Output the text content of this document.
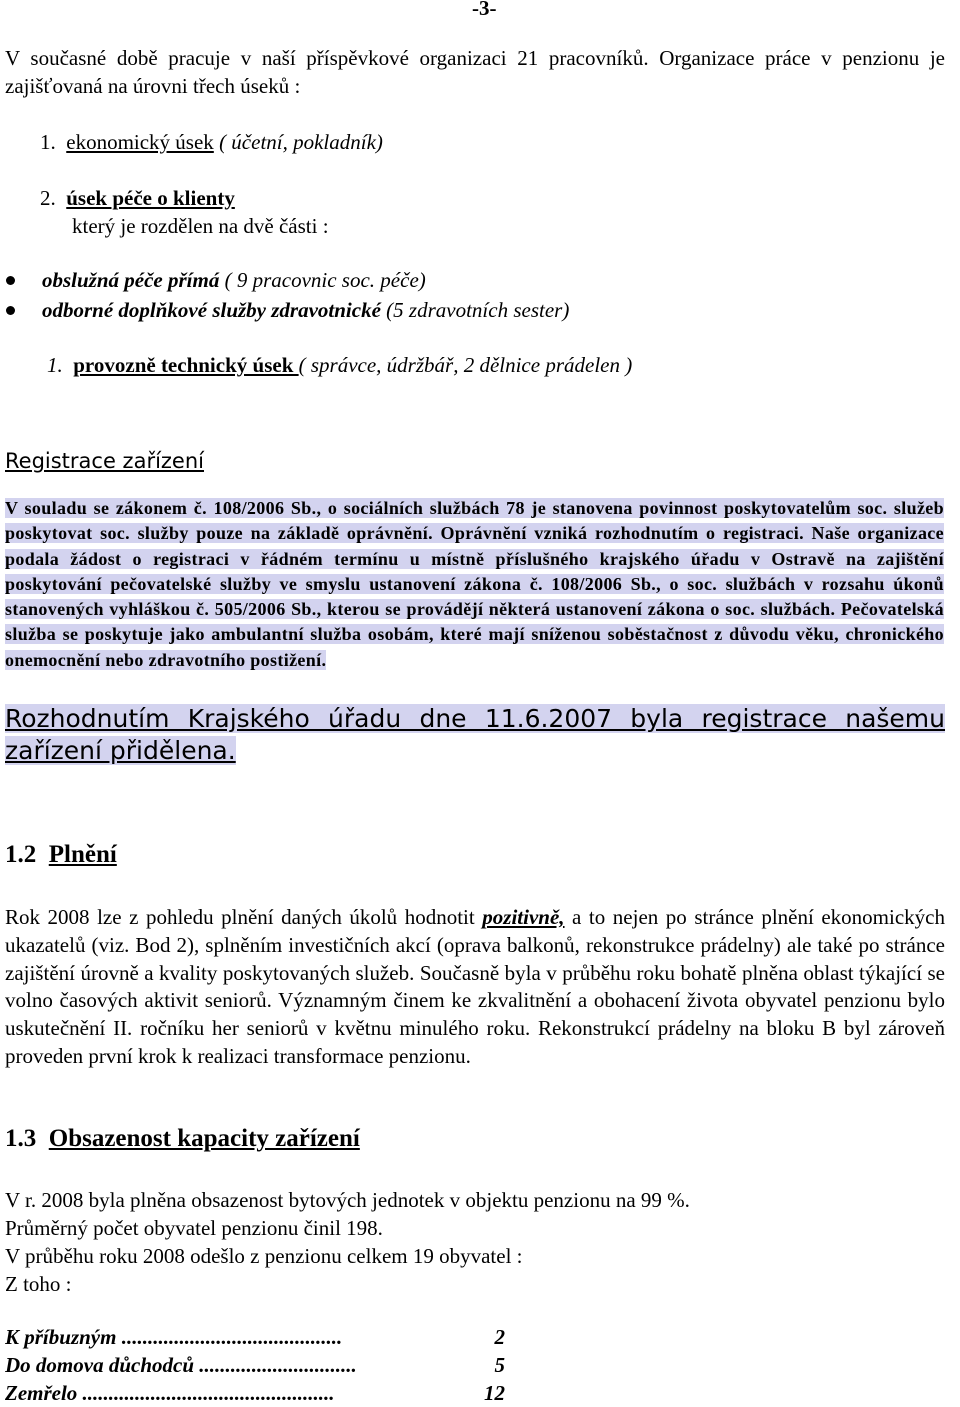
-3-

V současné době pracuje v naší příspěvkové organizaci 21 pracovníků. Organizace práce v penzionu je zajišťovaná na úrovni třech úseků :

1. ekonomický úsek ( účetní, pokladník)
2. úsek péče o klienty
který je rozdělen na dvě části :
obslužná péče přímá ( 9 pracovnic soc. péče)
odborné doplňkové služby zdravotnické (5 zdravotních sester)
1. provozně technický úsek ( správce, údržbář, 2 dělnice prádelen )
Registrace zařízení

V souladu se zákonem č. 108/2006 Sb., o sociálních službách 78 je stanovena povinnost poskytovatelům soc. služeb poskytovat soc. služby pouze na základě oprávnění. Oprávnění vzniká rozhodnutím o registraci. Naše organizace podala žádost o registraci v řádném termínu u místně příslušného krajského úřadu v Ostravě na zajištění poskytování pečovatelské služby ve smyslu ustanovení zákona č. 108/2006 Sb., o soc. službách v rozsahu úkonů stanovených vyhláškou č. 505/2006 Sb., kterou se provádějí některá ustanovení zákona o soc. službách. Pečovatelská služba se poskytuje jako ambulantní služba osobám, které mají sníženou soběstačnost z důvodu věku, chronického onemocnění nebo zdravotního postižení.

Rozhodnutím Krajského úřadu dne 11.6.2007 byla registrace našemu zařízení přidělena.

1.2 Plnění

Rok 2008 lze z pohledu plnění daných úkolů hodnotit pozitivně, a to nejen po stránce plnění ekonomických ukazatelů (viz. Bod 2), splněním investičních akcí (oprava balkonů, rekonstrukce prádelny) ale také po stránce zajištění úrovně a kvality poskytovaných služeb. Současně byla v průběhu roku bohatě plněna oblast týkající se volno časových aktivit seniorů. Významným činem ke zkvalitnění a obohacení života obyvatel penzionu bylo uskutečnění II. ročníku her seniorů v květnu minulého roku. Rekonstrukcí prádelny na bloku B byl zároveň proveden první krok k realizaci transformace penzionu.

1.3 Obsazenost kapacity zařízení

V r. 2008 byla plněna obsazenost bytových jednotek v objektu penzionu na 99 %.

Průměrný počet obyvatel penzionu činil 198.

V průběhu roku 2008 odešlo z penzionu celkem 19 obyvatel :

Z toho :

K příbuzným ..........................................	2
Do domova důchodců ..............................	5
Zemřelo ................................................	12
